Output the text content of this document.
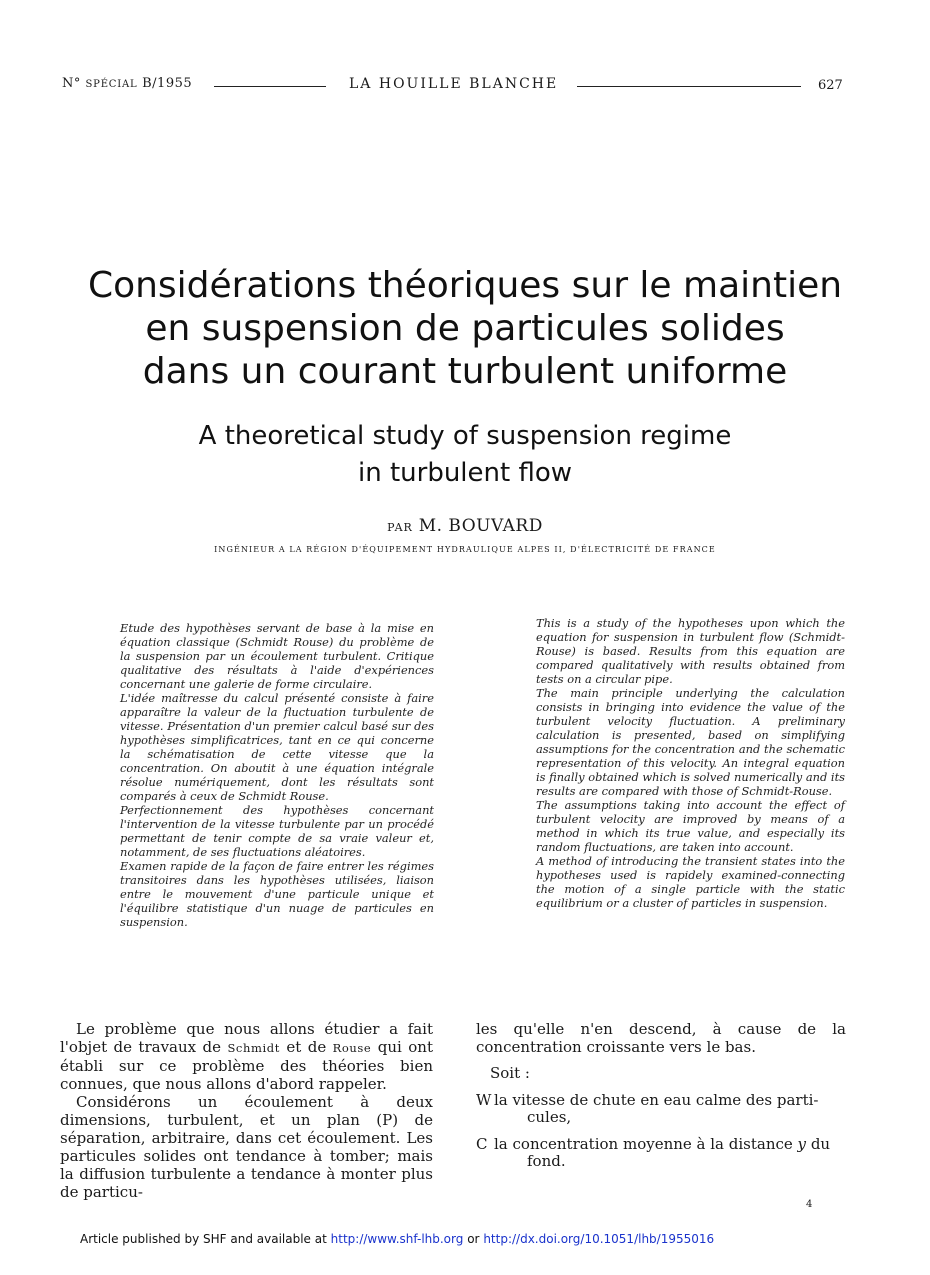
N° SPÉCIAL B/1955	LA HOUILLE BLANCHE	627
Considérations théoriques sur le maintien
en suspension de particules solides
dans un courant turbulent uniforme
A theoretical study of suspension regime
in turbulent flow
PAR M. BOUVARD
INGÉNIEUR A LA RÉGION D'ÉQUIPEMENT HYDRAULIQUE ALPES II, D'ÉLECTRICITÉ DE FRANCE

Etude des hypothèses servant de base à la mise en équation classique (Schmidt Rouse) du problème de la suspension par un écoulement turbulent. Critique qualitative des résultats à l'aide d'expériences concernant une galerie de forme circulaire.

L'idée maîtresse du calcul présenté consiste à faire apparaître la valeur de la fluctuation turbulente de vitesse. Présentation d'un premier calcul basé sur des hypothèses simplificatrices, tant en ce qui concerne la schématisation de cette vitesse que la concentration. On aboutit à une équation intégrale résolue numériquement, dont les résultats sont comparés à ceux de Schmidt Rouse.

Perfectionnement des hypothèses concernant l'intervention de la vitesse turbulente par un procédé permettant de tenir compte de sa vraie valeur et, notamment, de ses fluctuations aléatoires.

Examen rapide de la façon de faire entrer les régimes transitoires dans les hypothèses utilisées, liaison entre le mouvement d'une particule unique et l'équilibre statistique d'un nuage de particules en suspension.

This is a study of the hypotheses upon which the equation for suspension in turbulent flow (Schmidt-Rouse) is based. Results from this equation are compared qualitatively with results obtained from tests on a circular pipe.

The main principle underlying the calculation consists in bringing into evidence the value of the turbulent velocity fluctuation. A preliminary calculation is presented, based on simplifying assumptions for the concentration and the schematic representation of this velocity. An integral equation is finally obtained which is solved numerically and its results are compared with those of Schmidt-Rouse.

The assumptions taking into account the effect of turbulent velocity are improved by means of a method in which its true value, and especially its random fluctuations, are taken into account.

A method of introducing the transient states into the hypotheses used is rapidely examined-connecting the motion of a single particle with the static equilibrium or a cluster of particles in suspension.

Le problème que nous allons étudier a fait l'objet de travaux de Schmidt et de Rouse qui ont établi sur ce problème des théories bien connues, que nous allons d'abord rappeler.

Considérons un écoulement à deux dimensions, turbulent, et un plan (P) de séparation, arbitraire, dans cet écoulement. Les particules solides ont tendance à tomber; mais la diffusion turbulente a tendance à monter plus de particu-

les qu'elle n'en descend, à cause de la concentration croissante vers le bas.

Soit :

W la vitesse de chute en eau calme des parti-
cules,
C la concentration moyenne à la distance y du
fond.
4
Article published by SHF and available at http://www.shf-lhb.org or http://dx.doi.org/10.1051/lhb/1955016
